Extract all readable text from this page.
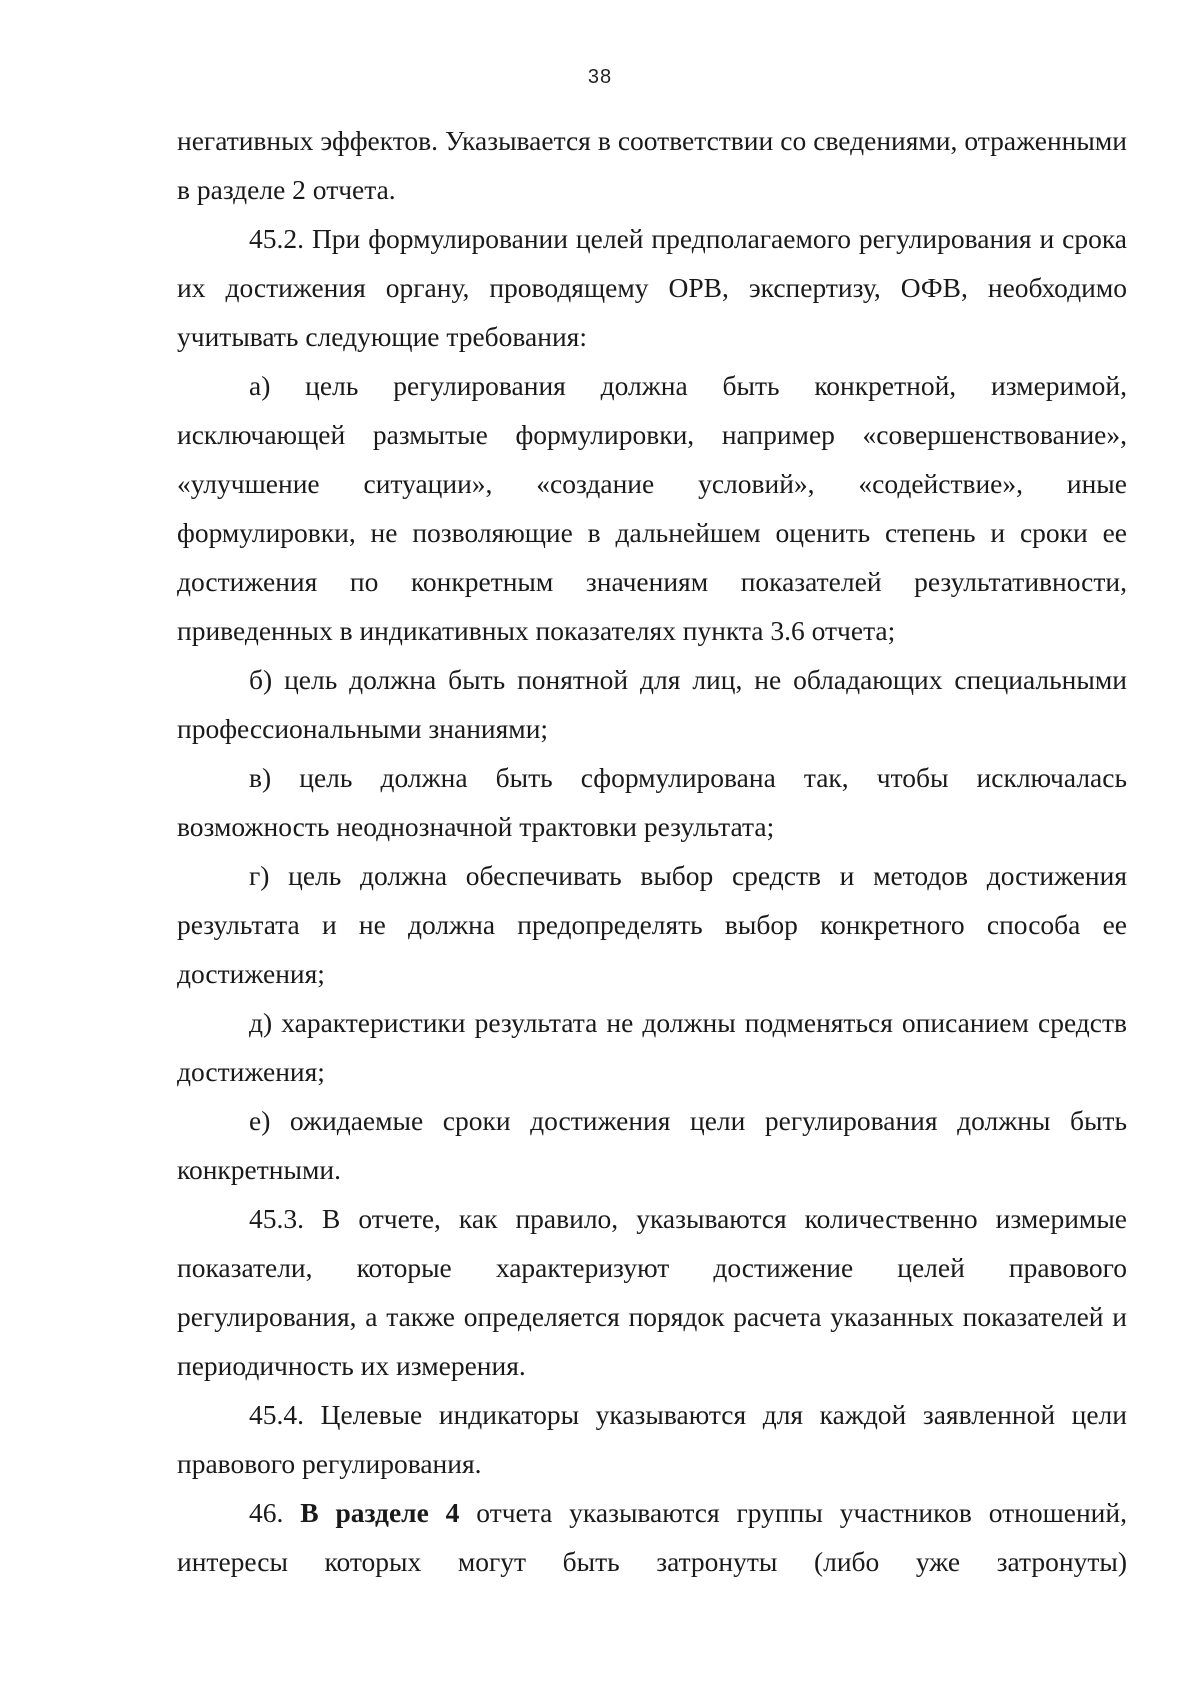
38

негативных эффектов. Указывается в соответствии со сведениями, отраженными в разделе 2 отчета.

45.2. При формулировании целей предполагаемого регулирования и срока их достижения органу, проводящему ОРВ, экспертизу, ОФВ, необходимо учитывать следующие требования:

а) цель регулирования должна быть конкретной, измеримой, исключающей размытые формулировки, например «совершенствование», «улучшение ситуации», «создание условий», «содействие», иные формулировки, не позволяющие в дальнейшем оценить степень и сроки ее достижения по конкретным значениям показателей результативности, приведенных в индикативных показателях пункта 3.6 отчета;

б) цель должна быть понятной для лиц, не обладающих специальными профессиональными знаниями;

в) цель должна быть сформулирована так, чтобы исключалась возможность неоднозначной трактовки результата;

г) цель должна обеспечивать выбор средств и методов достижения результата и не должна предопределять выбор конкретного способа ее достижения;

д) характеристики результата не должны подменяться описанием средств достижения;

е) ожидаемые сроки достижения цели регулирования должны быть конкретными.

45.3. В отчете, как правило, указываются количественно измеримые показатели, которые характеризуют достижение целей правового регулирования, а также определяется порядок расчета указанных показателей и периодичность их измерения.

45.4. Целевые индикаторы указываются для каждой заявленной цели правового регулирования.

46. В разделе 4 отчета указываются группы участников отношений, интересы которых могут быть затронуты (либо уже затронуты)
